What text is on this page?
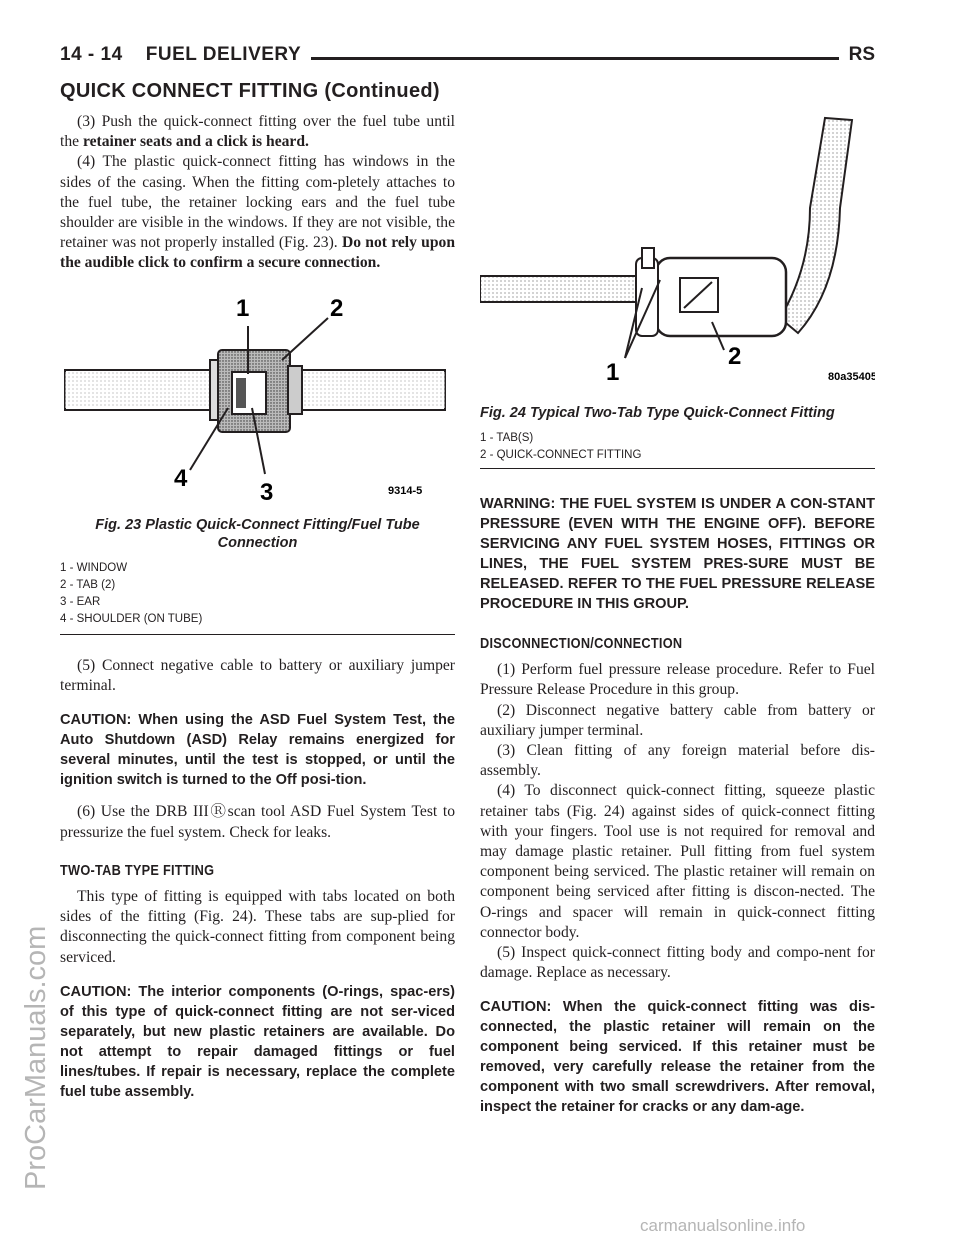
14 - 14    FUEL DELIVERY	RS
QUICK CONNECT FITTING (Continued)

(3) Push the quick-connect fitting over the fuel tube until the retainer seats and a click is heard.

(4) The plastic quick-connect fitting has windows in the sides of the casing. When the fitting com-pletely attaches to the fuel tube, the retainer locking ears and the fuel tube shoulder are visible in the windows. If they are not visible, the retainer was not properly installed (Fig. 23). Do not rely upon the audible click to confirm a secure connection.

1	2
3
4	9314-5
Fig. 23 Plastic Quick-Connect Fitting/Fuel Tube Connection
1 - WINDOW
2 - TAB (2)
3 - EAR
4 - SHOULDER (ON TUBE)

(5) Connect negative cable to battery or auxiliary jumper terminal.

CAUTION: When using the ASD Fuel System Test, the Auto Shutdown (ASD) Relay remains energized for several minutes, until the test is stopped, or until the ignition switch is turned to the Off posi-tion.

(6) Use the DRB IIIⓇscan tool ASD Fuel System Test to pressurize the fuel system. Check for leaks.

TWO-TAB TYPE FITTING

This type of fitting is equipped with tabs located on both sides of the fitting (Fig. 24). These tabs are sup-plied for disconnecting the quick-connect fitting from component being serviced.

CAUTION: The interior components (O-rings, spac-ers) of this type of quick-connect fitting are not ser-viced separately, but new plastic retainers are available. Do not attempt to repair damaged fittings or fuel lines/tubes. If repair is necessary, replace the complete fuel tube assembly.

1
2
80a35405
Fig. 24 Typical Two-Tab Type Quick-Connect Fitting
1 - TAB(S)
2 - QUICK-CONNECT FITTING

WARNING: THE FUEL SYSTEM IS UNDER A CON-STANT PRESSURE (EVEN WITH THE ENGINE OFF). BEFORE SERVICING ANY FUEL SYSTEM HOSES, FITTINGS OR LINES, THE FUEL SYSTEM PRES-SURE MUST BE RELEASED. REFER TO THE FUEL PRESSURE RELEASE PROCEDURE IN THIS GROUP.

DISCONNECTION/CONNECTION

(1) Perform fuel pressure release procedure. Refer to Fuel Pressure Release Procedure in this group.

(2) Disconnect negative battery cable from battery or auxiliary jumper terminal.

(3) Clean fitting of any foreign material before dis-assembly.

(4) To disconnect quick-connect fitting, squeeze plastic retainer tabs (Fig. 24) against sides of quick-connect fitting with your fingers. Tool use is not required for removal and may damage plastic retainer. Pull fitting from fuel system component being serviced. The plastic retainer will remain on component being serviced after fitting is discon-nected. The O-rings and spacer will remain in quick-connect fitting connector body.

(5) Inspect quick-connect fitting body and compo-nent for damage. Replace as necessary.

CAUTION: When the quick-connect fitting was dis-connected, the plastic retainer will remain on the component being serviced. If this retainer must be removed, very carefully release the retainer from the component with two small screwdrivers. After removal, inspect the retainer for cracks or any dam-age.

ProCarManuals.com
carmanualsonline.info
